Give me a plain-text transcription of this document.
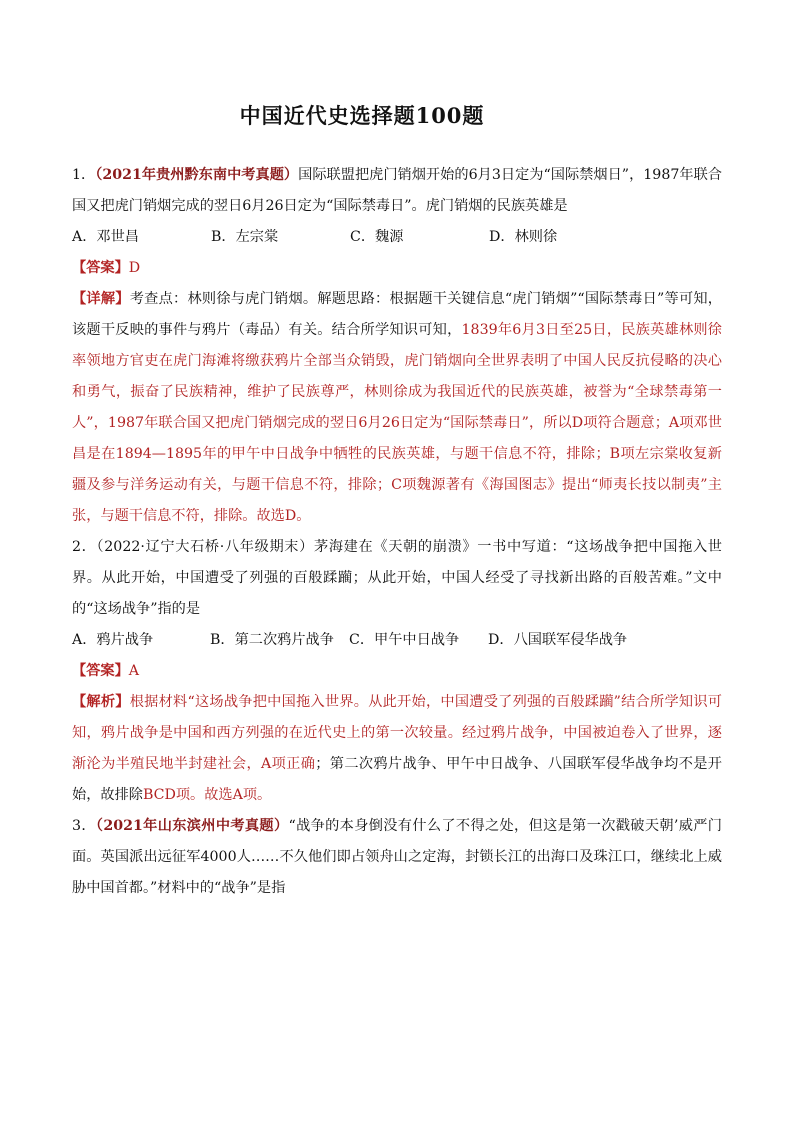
中国近代史选择题100题

1．（2021年贵州黔东南中考真题）国际联盟把虎门销烟开始的6月3日定为“国际禁烟日”，1987年联合国又把虎门销烟完成的翌日6月26日定为“国际禁毒日”。虎门销烟的民族英雄是

A．邓世昌	B．左宗棠	C．魏源	D．林则徐

【答案】D

【详解】考查点：林则徐与虎门销烟。解题思路：根据题干关键信息“虎门销烟”“国际禁毒日”等可知，该题干反映的事件与鸦片（毒品）有关。结合所学知识可知，1839年6月3日至25日，民族英雄林则徐率领地方官吏在虎门海滩将缴获鸦片全部当众销毁，虎门销烟向全世界表明了中国人民反抗侵略的决心和勇气，振奋了民族精神，维护了民族尊严，林则徐成为我国近代的民族英雄，被誉为“全球禁毒第一人”，1987年联合国又把虎门销烟完成的翌日6月26日定为“国际禁毒日”，所以D项符合题意；A项邓世昌是在1894—1895年的甲午中日战争中牺牲的民族英雄，与题干信息不符，排除；B项左宗棠收复新疆及参与洋务运动有关，与题干信息不符，排除；C项魏源著有《海国图志》提出“师夷长技以制夷”主张，与题干信息不符，排除。故选D。

2．（2022·辽宁大石桥·八年级期末）茅海建在《天朝的崩溃》一书中写道：“这场战争把中国拖入世界。从此开始，中国遭受了列强的百般蹂躏；从此开始，中国人经受了寻找新出路的百般苦难。”文中的“这场战争”指的是

A．鸦片战争	B．第二次鸦片战争	C．甲午中日战争	D．八国联军侵华战争

【答案】A

【解析】根据材料“这场战争把中国拖入世界。从此开始，中国遭受了列强的百般蹂躏”结合所学知识可知，鸦片战争是中国和西方列强的在近代史上的第一次较量。经过鸦片战争，中国被迫卷入了世界，逐渐沦为半殖民地半封建社会，A项正确；第二次鸦片战争、甲午中日战争、八国联军侵华战争均不是开始，故排除BCD项。故选A项。

3．（2021年山东滨州中考真题）“战争的本身倒没有什么了不得之处，但这是第一次戳破天朝’威严门面。英国派出远征军4000人……不久他们即占领舟山之定海，封锁长江的出海口及珠江口，继续北上威胁中国首都。”材料中的“战争”是指
